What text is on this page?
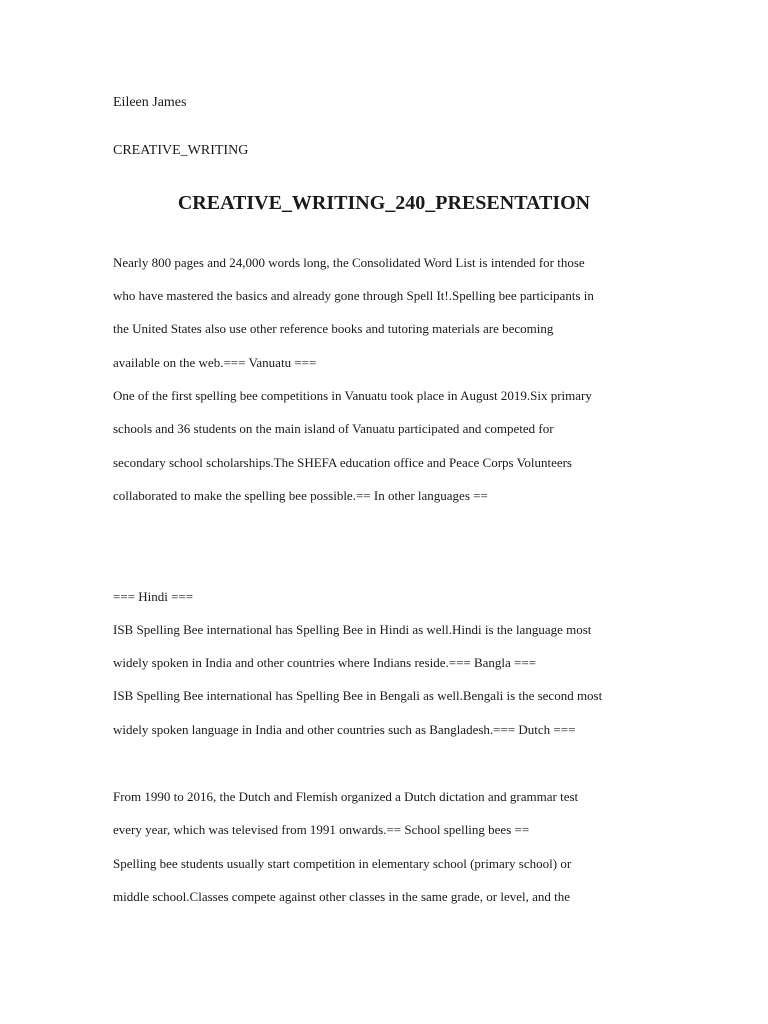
Eileen James
CREATIVE_WRITING
CREATIVE_WRITING_240_PRESENTATION
Nearly 800 pages and 24,000 words long, the Consolidated Word List is intended for those
who have mastered the basics and already gone through Spell It!.Spelling bee participants in
the United States also use other reference books and tutoring materials are becoming
available on the web.=== Vanuatu ===
One of the first spelling bee competitions in Vanuatu took place in August 2019.Six primary
schools and 36 students on the main island of Vanuatu participated and competed for
secondary school scholarships.The SHEFA education office and Peace Corps Volunteers
collaborated to make the spelling bee possible.== In other languages ==
=== Hindi ===
ISB Spelling Bee international has Spelling Bee in Hindi as well.Hindi is the language most
widely spoken in India and other countries where Indians reside.=== Bangla ===
ISB Spelling Bee international has Spelling Bee in Bengali as well.Bengali is the second most
widely spoken language in India and other countries such as Bangladesh.=== Dutch ===
From 1990 to 2016, the Dutch and Flemish organized a Dutch dictation and grammar test
every year, which was televised from 1991 onwards.== School spelling bees ==
Spelling bee students usually start competition in elementary school (primary school) or
middle school.Classes compete against other classes in the same grade, or level, and the
